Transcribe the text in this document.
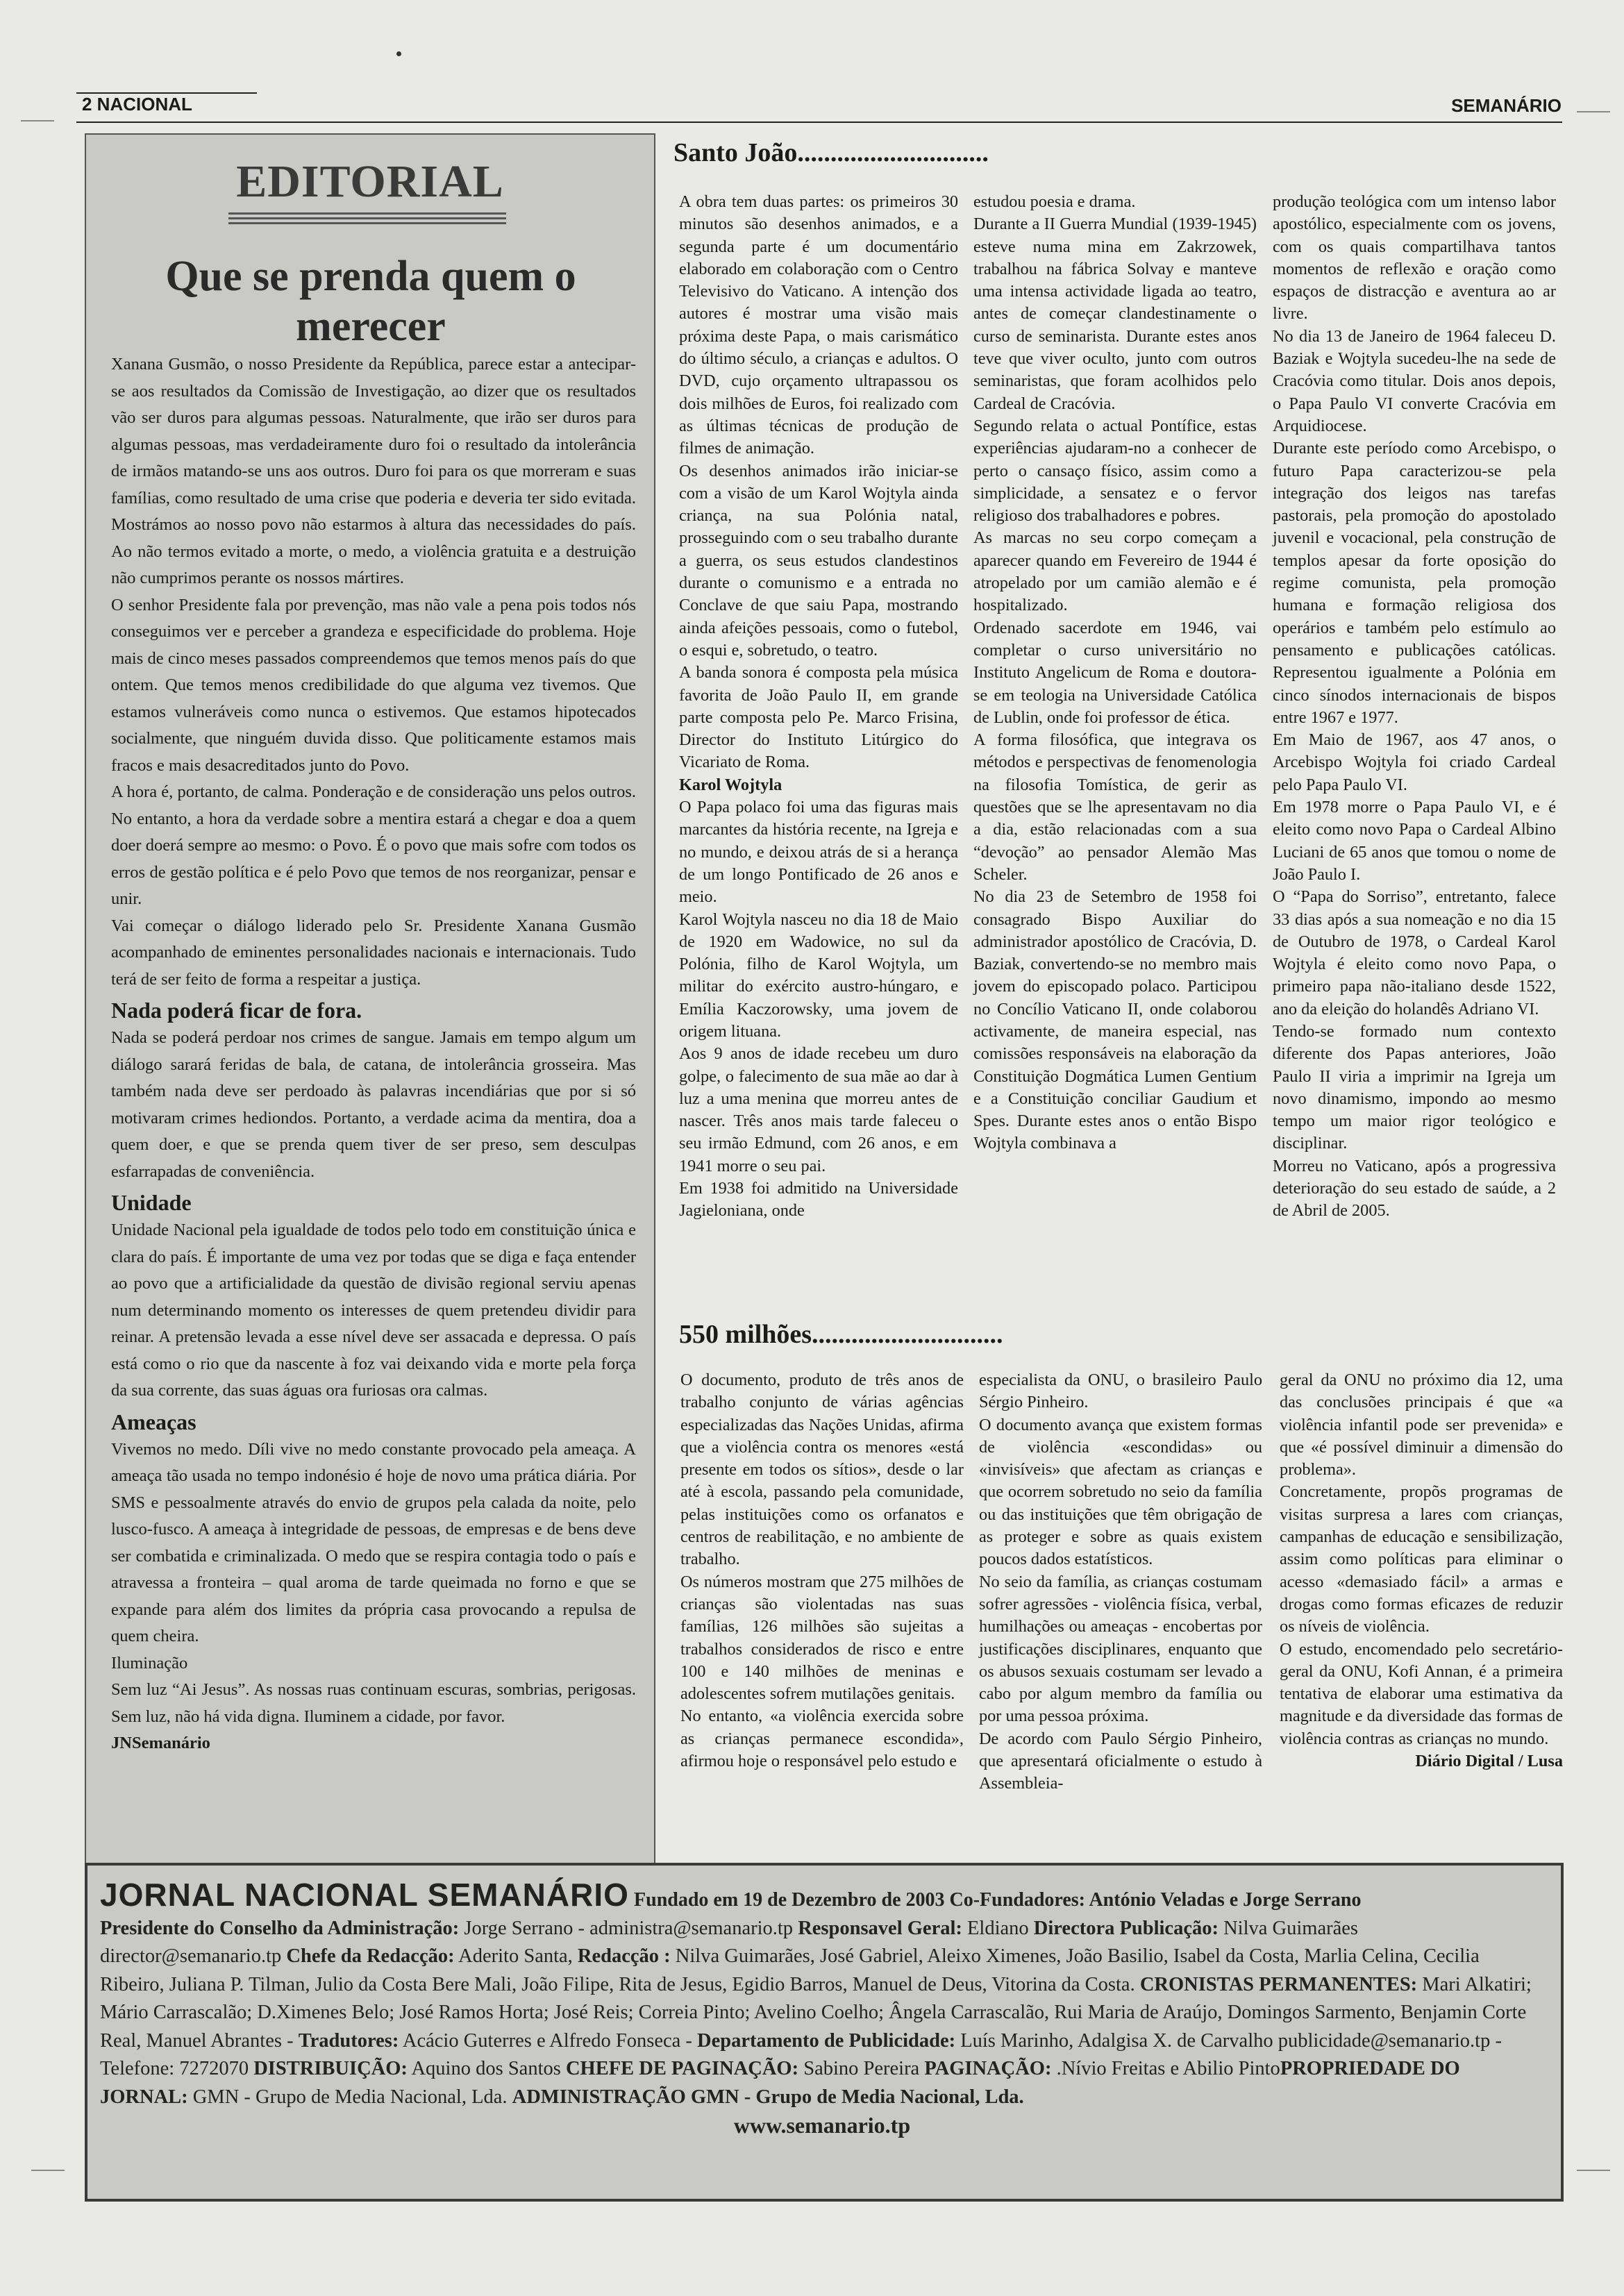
2 NACIONAL	SEMANÁRIO
EDITORIAL
Que se prenda quem o merecer

Xanana Gusmão, o nosso Presidente da República, parece estar a antecipar-se aos resultados da Comissão de Investigação, ao dizer que os resultados vão ser duros para algumas pessoas. Naturalmente, que irão ser duros para algumas pessoas, mas verdadeiramente duro foi o resultado da intolerância de irmãos matando-se uns aos outros. Duro foi para os que morreram e suas famílias, como resultado de uma crise que poderia e deveria ter sido evitada. Mostrámos ao nosso povo não estarmos à altura das necessidades do país. Ao não termos evitado a morte, o medo, a violência gratuita e a destruição não cumprimos perante os nossos mártires.

O senhor Presidente fala por prevenção, mas não vale a pena pois todos nós conseguimos ver e perceber a grandeza e especificidade do problema. Hoje mais de cinco meses passados compreendemos que temos menos país do que ontem. Que temos menos credibilidade do que alguma vez tivemos. Que estamos vulneráveis como nunca o estivemos. Que estamos hipotecados socialmente, que ninguém duvida disso. Que politicamente estamos mais fracos e mais desacreditados junto do Povo.

A hora é, portanto, de calma. Ponderação e de consideração uns pelos outros. No entanto, a hora da verdade sobre a mentira estará a chegar e doa a quem doer doerá sempre ao mesmo: o Povo. É o povo que mais sofre com todos os erros de gestão política e é pelo Povo que temos de nos reorganizar, pensar e unir.

Vai começar o diálogo liderado pelo Sr. Presidente Xanana Gusmão acompanhado de eminentes personalidades nacionais e internacionais. Tudo terá de ser feito de forma a respeitar a justiça.

Nada poderá ficar de fora.

Nada se poderá perdoar nos crimes de sangue. Jamais em tempo algum um diálogo sarará feridas de bala, de catana, de intolerância grosseira. Mas também nada deve ser perdoado às palavras incendiárias que por si só motivaram crimes hediondos. Portanto, a verdade acima da mentira, doa a quem doer, e que se prenda quem tiver de ser preso, sem desculpas esfarrapadas de conveniência.

Unidade

Unidade Nacional pela igualdade de todos pelo todo em constituição única e clara do país. É importante de uma vez por todas que se diga e faça entender ao povo que a artificialidade da questão de divisão regional serviu apenas num determinando momento os interesses de quem pretendeu dividir para reinar. A pretensão levada a esse nível deve ser assacada e depressa. O país está como o rio que da nascente à foz vai deixando vida e morte pela força da sua corrente, das suas águas ora furiosas ora calmas.

Ameaças

Vivemos no medo. Díli vive no medo constante provocado pela ameaça. A ameaça tão usada no tempo indonésio é hoje de novo uma prática diária. Por SMS e pessoalmente através do envio de grupos pela calada da noite, pelo lusco-fusco. A ameaça à integridade de pessoas, de empresas e de bens deve ser combatida e criminalizada. O medo que se respira contagia todo o país e atravessa a fronteira – qual aroma de tarde queimada no forno e que se expande para além dos limites da própria casa provocando a repulsa de quem cheira.

Iluminação

Sem luz “Ai Jesus”. As nossas ruas continuam escuras, sombrias, perigosas. Sem luz, não há vida digna. Iluminem a cidade, por favor.

JNSemanário

Santo João.............................

A obra tem duas partes: os primeiros 30 minutos são desenhos animados, e a segunda parte é um documentário elaborado em colaboração com o Centro Televisivo do Vaticano. A intenção dos autores é mostrar uma visão mais próxima deste Papa, o mais carismático do último século, a crianças e adultos. O DVD, cujo orçamento ultrapassou os dois milhões de Euros, foi realizado com as últimas técnicas de produção de filmes de animação.

Os desenhos animados irão iniciar-se com a visão de um Karol Wojtyla ainda criança, na sua Polónia natal, prosseguindo com o seu trabalho durante a guerra, os seus estudos clandestinos durante o comunismo e a entrada no Conclave de que saiu Papa, mostrando ainda afeições pessoais, como o futebol, o esqui e, sobretudo, o teatro.

A banda sonora é composta pela música favorita de João Paulo II, em grande parte composta pelo Pe. Marco Frisina, Director do Instituto Litúrgico do Vicariato de Roma.

Karol Wojtyla

O Papa polaco foi uma das figuras mais marcantes da história recente, na Igreja e no mundo, e deixou atrás de si a herança de um longo Pontificado de 26 anos e meio.

Karol Wojtyla nasceu no dia 18 de Maio de 1920 em Wadowice, no sul da Polónia, filho de Karol Wojtyla, um militar do exército austro-húngaro, e Emília Kaczorowsky, uma jovem de origem lituana.

Aos 9 anos de idade recebeu um duro golpe, o falecimento de sua mãe ao dar à luz a uma menina que morreu antes de nascer. Três anos mais tarde faleceu o seu irmão Edmund, com 26 anos, e em 1941 morre o seu pai.

Em 1938 foi admitido na Universidade Jagieloniana, onde

estudou poesia e drama.

Durante a II Guerra Mundial (1939-1945) esteve numa mina em Zakrzowek, trabalhou na fábrica Solvay e manteve uma intensa actividade ligada ao teatro, antes de começar clandestinamente o curso de seminarista. Durante estes anos teve que viver oculto, junto com outros seminaristas, que foram acolhidos pelo Cardeal de Cracóvia.

Segundo relata o actual Pontífice, estas experiências ajudaram-no a conhecer de perto o cansaço físico, assim como a simplicidade, a sensatez e o fervor religioso dos trabalhadores e pobres.

As marcas no seu corpo começam a aparecer quando em Fevereiro de 1944 é atropelado por um camião alemão e é hospitalizado.

Ordenado sacerdote em 1946, vai completar o curso universitário no Instituto Angelicum de Roma e doutora- se em teologia na Universidade Católica de Lublin, onde foi professor de ética.

A forma filosófica, que integrava os métodos e perspectivas de fenomenologia na filosofia Tomística, de gerir as questões que se lhe apresentavam no dia a dia, estão relacionadas com a sua “devoção” ao pensador Alemão Mas Scheler.

No dia 23 de Setembro de 1958 foi consagrado Bispo Auxiliar do administrador apostólico de Cracóvia, D. Baziak, convertendo-se no membro mais jovem do episcopado polaco. Participou no Concílio Vaticano II, onde colaborou activamente, de maneira especial, nas comissões responsáveis na elaboração da Constituição Dogmática Lumen Gentium e a Constituição conciliar Gaudium et Spes. Durante estes anos o então Bispo Wojtyla combinava a

produção teológica com um intenso labor apostólico, especialmente com os jovens, com os quais compartilhava tantos momentos de reflexão e oração como espaços de distracção e aventura ao ar livre.

No dia 13 de Janeiro de 1964 faleceu D. Baziak e Wojtyla sucedeu-lhe na sede de Cracóvia como titular. Dois anos depois, o Papa Paulo VI converte Cracóvia em Arquidiocese.

Durante este período como Arcebispo, o futuro Papa caracterizou-se pela integração dos leigos nas tarefas pastorais, pela promoção do apostolado juvenil e vocacional, pela construção de templos apesar da forte oposição do regime comunista, pela promoção humana e formação religiosa dos operários e também pelo estímulo ao pensamento e publicações católicas. Representou igualmente a Polónia em cinco sínodos internacionais de bispos entre 1967 e 1977.

Em Maio de 1967, aos 47 anos, o Arcebispo Wojtyla foi criado Cardeal pelo Papa Paulo VI.

Em 1978 morre o Papa Paulo VI, e é eleito como novo Papa o Cardeal Albino Luciani de 65 anos que tomou o nome de João Paulo I.

O “Papa do Sorriso”, entretanto, falece 33 dias após a sua nomeação e no dia 15 de Outubro de 1978, o Cardeal Karol Wojtyla é eleito como novo Papa, o primeiro papa não-italiano desde 1522, ano da eleição do holandês Adriano VI.

Tendo-se formado num contexto diferente dos Papas anteriores, João Paulo II viria a imprimir na Igreja um novo dinamismo, impondo ao mesmo tempo um maior rigor teológico e disciplinar.

Morreu no Vaticano, após a progressiva deterioração do seu estado de saúde, a 2 de Abril de 2005.

550 milhões.............................

O documento, produto de três anos de trabalho conjunto de várias agências especializadas das Nações Unidas, afirma que a violência contra os menores «está presente em todos os sítios», desde o lar até à escola, passando pela comunidade, pelas instituições como os orfanatos e centros de reabilitação, e no ambiente de trabalho.

Os números mostram que 275 milhões de crianças são violentadas nas suas famílias, 126 milhões são sujeitas a trabalhos considerados de risco e entre 100 e 140 milhões de meninas e adolescentes sofrem mutilações genitais.

No entanto, «a violência exercida sobre as crianças permanece escondida», afirmou hoje o responsável pelo estudo e

especialista da ONU, o brasileiro Paulo Sérgio Pinheiro.

O documento avança que existem formas de violência «escondidas» ou «invisíveis» que afectam as crianças e que ocorrem sobretudo no seio da família ou das instituições que têm obrigação de as proteger e sobre as quais existem poucos dados estatísticos.

No seio da família, as crianças costumam sofrer agressões - violência física, verbal, humilhações ou ameaças - encobertas por justificações disciplinares, enquanto que os abusos sexuais costumam ser levado a cabo por algum membro da família ou por uma pessoa próxima.

De acordo com Paulo Sérgio Pinheiro, que apresentará oficialmente o estudo à Assembleia-

geral da ONU no próximo dia 12, uma das conclusões principais é que «a violência infantil pode ser prevenida» e que «é possível diminuir a dimensão do problema».

Concretamente, propõs programas de visitas surpresa a lares com crianças, campanhas de educação e sensibilização, assim como políticas para eliminar o acesso «demasiado fácil» a armas e drogas como formas eficazes de reduzir os níveis de violência.

O estudo, encomendado pelo secretário-geral da ONU, Kofi Annan, é a primeira tentativa de elaborar uma estimativa da magnitude e da diversidade das formas de violência contras as crianças no mundo.

Diário Digital / Lusa

JORNAL NACIONAL SEMANÁRIO Fundado em 19 de Dezembro de 2003 Co-Fundadores: António Veladas e Jorge Serrano
Presidente do Conselho da Administração: Jorge Serrano - administra@semanario.tp Responsavel Geral: Eldiano Directora Publicação: Nilva Guimarães director@semanario.tp Chefe da Redacção: Aderito Santa, Redacção : Nilva Guimarães, José Gabriel, Aleixo Ximenes, João Basilio, Isabel da Costa, Marlia Celina, Cecilia Ribeiro, Juliana P. Tilman, Julio da Costa Bere Mali, João Filipe, Rita de Jesus, Egidio Barros, Manuel de Deus, Vitorina da Costa. CRONISTAS PERMANENTES: Mari Alkatiri; Mário Carrascalão; D.Ximenes Belo; José Ramos Horta; José Reis; Correia Pinto; Avelino Coelho; Ângela Carrascalão, Rui Maria de Araújo, Domingos Sarmento, Benjamin Corte Real, Manuel Abrantes - Tradutores: Acácio Guterres e Alfredo Fonseca - Departamento de Publicidade: Luís Marinho, Adalgisa X. de Carvalho publicidade@semanario.tp - Telefone: 7272070 DISTRIBUIÇÃO: Aquino dos Santos CHEFE DE PAGINAÇÃO: Sabino Pereira PAGINAÇÃO: .Nívio Freitas e Abilio PintoPROPRIEDADE DO JORNAL: GMN - Grupo de Media Nacional, Lda. ADMINISTRAÇÃO GMN - Grupo de Media Nacional, Lda.
www.semanario.tp
